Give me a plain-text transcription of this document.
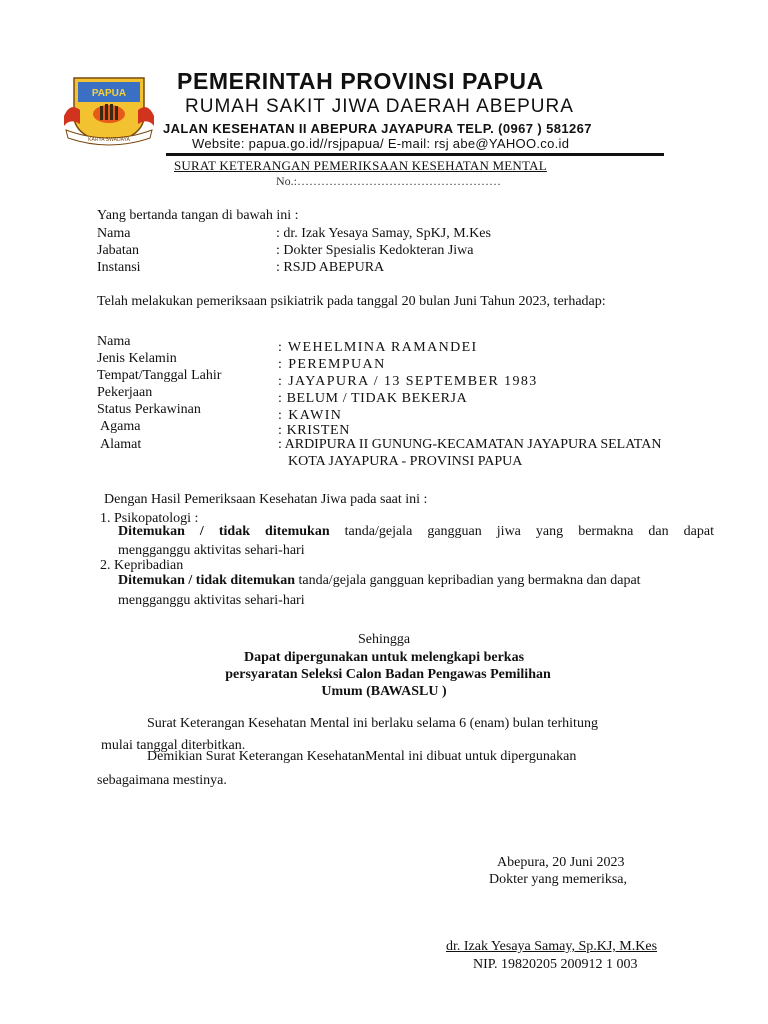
PAPUA
KARYA SWADAYA
PEMERINTAH PROVINSI PAPUA
RUMAH SAKIT JIWA DAERAH ABEPURA
JALAN KESEHATAN II ABEPURA JAYAPURA TELP. (0967 ) 581267
Website: papua.go.id//rsjpapua/ E-mail: rsj abe@YAHOO.co.id
SURAT KETERANGAN PEMERIKSAAN KESEHATAN MENTAL
No.:……………………………………………
Yang bertanda tangan di bawah ini :
Nama	: dr. Izak Yesaya Samay, SpKJ, M.Kes
Jabatan	: Dokter Spesialis Kedokteran Jiwa
Instansi	: RSJD ABEPURA
Telah melakukan pemeriksaan psikiatrik pada tanggal 20 bulan Juni Tahun 2023, terhadap:
Nama	: WEHELMINA RAMANDEI
Jenis Kelamin	: PEREMPUAN
Tempat/Tanggal Lahir	: JAYAPURA / 13 SEPTEMBER 1983
Pekerjaan	: BELUM / TIDAK BEKERJA
Status Perkawinan	: KAWIN
Agama	: KRISTEN
Alamat	: ARDIPURA II GUNUNG-KECAMATAN JAYAPURA SELATAN
KOTA JAYAPURA - PROVINSI PAPUA
Dengan Hasil Pemeriksaan Kesehatan Jiwa pada saat ini :
1. Psikopatologi :
Ditemukan / tidak ditemukan tanda/gejala gangguan jiwa yang bermakna dan dapat
mengganggu aktivitas sehari-hari
2. Kepribadian
Ditemukan / tidak ditemukan tanda/gejala gangguan kepribadian yang bermakna dan dapat
mengganggu aktivitas sehari-hari
Sehingga
Dapat dipergunakan untuk melengkapi berkas
persyaratan Seleksi Calon Badan Pengawas Pemilihan
Umum (BAWASLU )
Surat Keterangan Kesehatan Mental ini berlaku selama 6 (enam) bulan terhitung
mulai tanggal diterbitkan.
Demikian Surat Keterangan KesehatanMental ini dibuat untuk dipergunakan
sebagaimana mestinya.
Abepura, 20 Juni 2023
Dokter yang memeriksa,
dr. Izak Yesaya Samay, Sp.KJ, M.Kes
NIP. 19820205 200912 1 003
